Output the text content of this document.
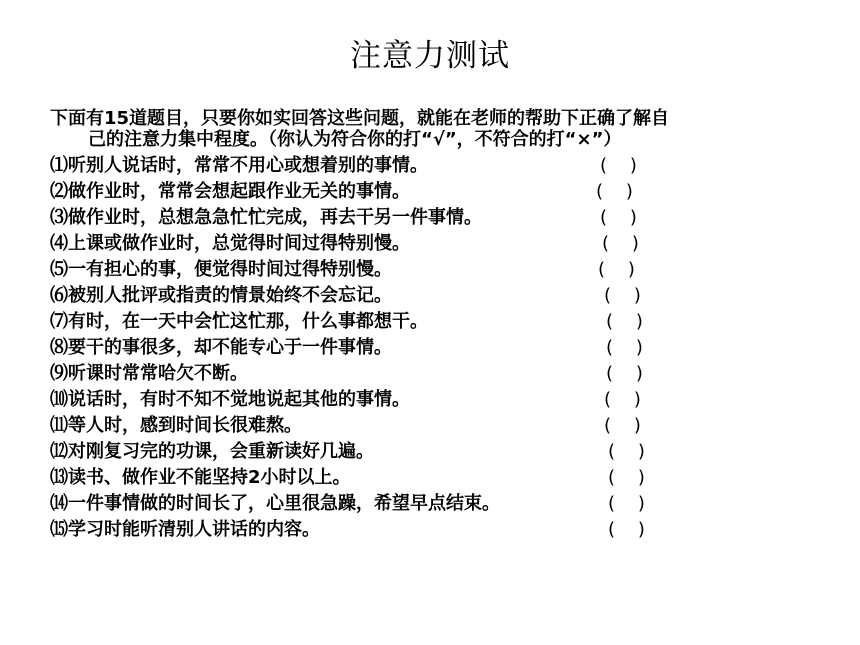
注意力测试
下面有15道题目，只要你如实回答这些问题，就能在老师的帮助下正确了解自
己的注意力集中程度。（你认为符合你的打“√”，不符合的打“×”）
⑴听别人说话时，常常不用心或想着别的事情。	(    )
⑵做作业时，常常会想起跟作业无关的事情。	(    )
⑶做作业时，总想急急忙忙完成，再去干另一件事情。	(    )
⑷上课或做作业时，总觉得时间过得特别慢。	(    )
⑸一有担心的事，便觉得时间过得特别慢。	(    )
⑹被别人批评或指责的情景始终不会忘记。	(    )
⑺有时，在一天中会忙这忙那，什么事都想干。	(    )
⑻要干的事很多，却不能专心于一件事情。	(    )
⑼听课时常常哈欠不断。	(    )
⑽说话时，有时不知不觉地说起其他的事情。	(    )
⑾等人时，感到时间长很难熬。	(    )
⑿对刚复习完的功课，会重新读好几遍。	(    )
⒀读书、做作业不能坚持2小时以上。	(    )
⒁一件事情做的时间长了，心里很急躁，希望早点结束。	(    )
⒂学习时能听清别人讲话的内容。	(    )
